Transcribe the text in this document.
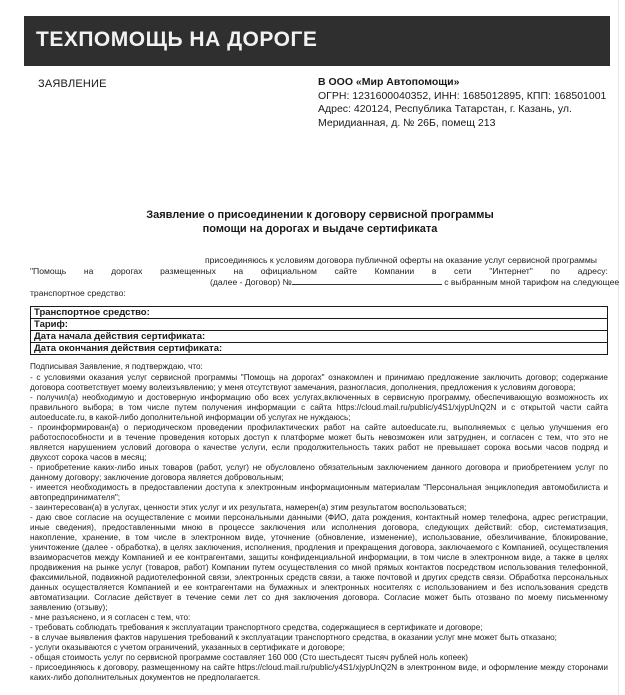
ТЕХПОМОЩЬ НА ДОРОГЕ
ЗАЯВЛЕНИЕ	В ООО «Мир Автопомощи»
ОГРН: 1231600040352, ИНН: 1685012895, КПП: 168501001
Адрес: 420124, Республика Татарстан, г. Казань, ул.
Меридианная, д. № 26Б, помещ 213
Заявление о присоединении к договору сервисной программы
помощи на дорогах и выдаче сертификата
присоединяюсь к условиям договора публичной оферты на оказание услуг сервисной программы
"Помощь на дорогах размещенных на официальном сайте Компании в сети "Интернет" по адресу:
(далее - Договор) №	с выбранным мной тарифом на следующее
транспортное средство:
Транспортное средство:
Тариф:
Дата начала действия сертификата:
Дата окончания действия сертификата:

Подписывая Заявление, я подтверждаю, что:

- с условиями оказания услуг сервисной программы "Помощь на дорогах" ознакомлен и принимаю предложение заключить договор; содержание договора соответствует моему волеизъявлению; у меня отсутствуют замечания, разногласия, дополнения, предложения к условиям договора;

- получил(а) необходимую и достоверную информацию обо всех услугах,включенных в сервисную программу, обеспечивающую возможность их правильного выбора; в том числе путем получения информации с сайта https://cloud.mail.ru/public/y4S1/xjypUnQ2N и с открытой части сайта autoeducate.ru, в какой-либо дополнительной информации об услугах не нуждаюсь;

- проинформирован(а) о периодическом проведении профилактических работ на сайте autoeducate.ru, выполняемых с целью улучшения его работоспособности и в течение проведения которых доступ к платформе может быть невозможен или затруднен, и согласен с тем, что это не является нарушением условий договора о качестве услуги, если продолжительность таких работ не превышает сорока восьми часов подряд и двухсот сорока часов в месяц;

- приобретение каких-либо иных товаров (работ, услуг) не обусловлено обязательным заключением данного договора и приобретением услуг по данному договору; заключение договора является добровольным;

- имеется необходимость в предоставлении доступа к электронным информационным материалам "Персональная энциклопедия автомобилиста и автопредпринимателя";

- заинтересован(а) в услугах, ценности этих услуг и их результата, намерен(а) этим результатом воспользоваться;

- даю свое согласие на осуществление с моими персональными данными (ФИО, дата рождения, контактный номер телефона, адрес регистрации, иные сведения), предоставленными мною в процессе заключения или исполнения договора, следующих действий: сбор, систематизация, накопление, хранение, в том числе в электронном виде, уточнение (обновление, изменение), использование, обезличивание, блокирование, уничтожение (далее - обработка), в целях заключения, исполнения, продления и прекращения договора, заключаемого с Компанией, осуществления взаиморасчетов между Компанией и ее контрагентами, защиты конфиденциальной информации, в том числе в электронном виде, а также в целях продвижения на рынке услуг (товаров, работ) Компании путем осуществления со мной прямых контактов посредством использования телефонной, факсимильной, подвижной радиотелефонной связи, электронных средств связи, а также почтовой и других средств связи. Обработка персональных данных осуществляется Компанией и ее контрагентами на бумажных и электронных носителях с использованием и без использования средств автоматизации. Согласие действует в течение семи лет со дня заключения договора. Согласие может быть отозвано по моему письменному заявлению (отзыву);

- мне разъяснено, и я согласен с тем, что:

- требовать соблюдать требования к эксплуатации транспортного средства, содержащиеся в сертификате и договоре;

- в случае выявления фактов нарушения требований к эксплуатации транспортного средства, в оказании услуг мне может быть отказано;

- услуги оказываются с учетом ограничений, указанных в сертификате и договоре;

- общая стоимость услуг по сервисной программе составляет 160 000 (Сто шестьдесят тысяч рублей ноль копеек)

- присоединяюсь к договору, размещенному на сайте https://cloud.mail.ru/public/y4S1/xjypUnQ2N в электронном виде, и оформление между сторонами каких-либо дополнительных документов не предполагается.
